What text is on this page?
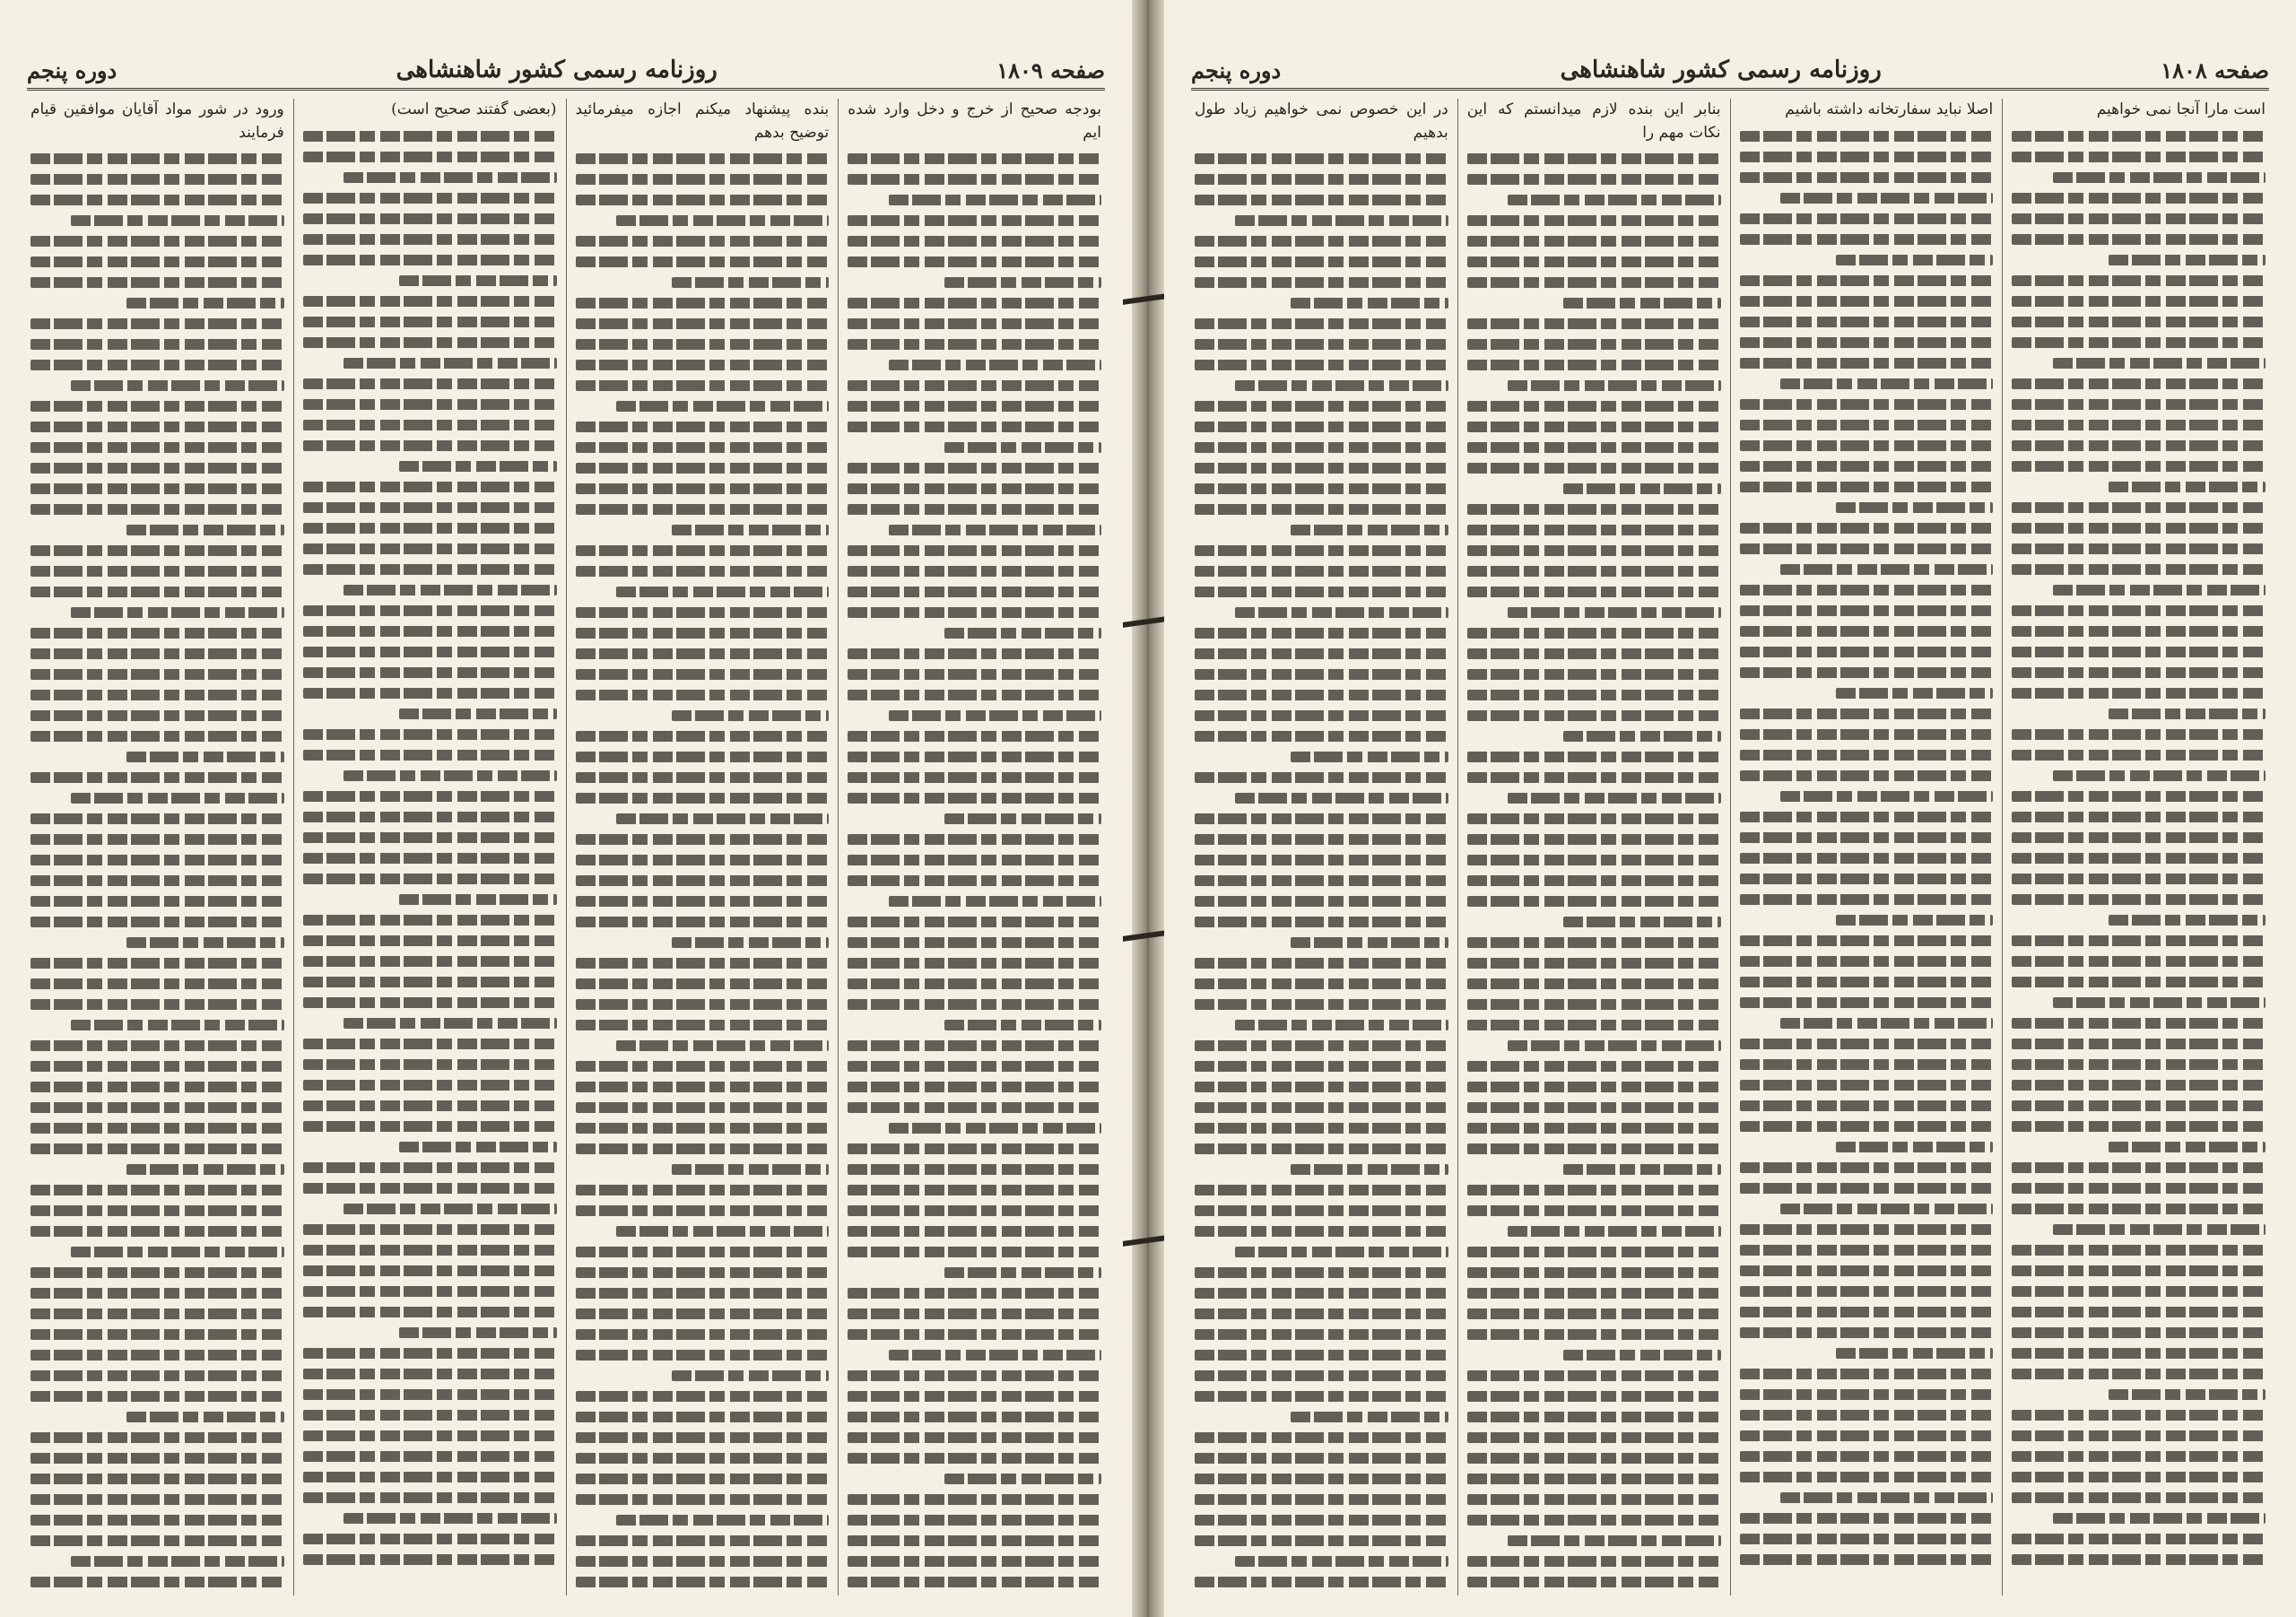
صفحه ۱۸۰۹
روزنامه رسمی کشور شاهنشاهی
دوره پنجم
بودجه صحیح از خرج و دخل وارد شده ایم
بنده پیشنهاد میکنم اجازه میفرمائید توضیح بدهم
(بعضی گفتند صحیح است)
ورود در شور مواد آقایان موافقین قیام فرمایند
صفحه ۱۸۰۸
روزنامه رسمی کشور شاهنشاهی
دوره پنجم
است مارا آنجا نمی خواهیم
اصلا نباید سفارتخانه داشته باشیم
بنابر این بنده لازم میدانستم که این نکات مهم را
در این خصوص نمی خواهیم زیاد طول بدهیم
